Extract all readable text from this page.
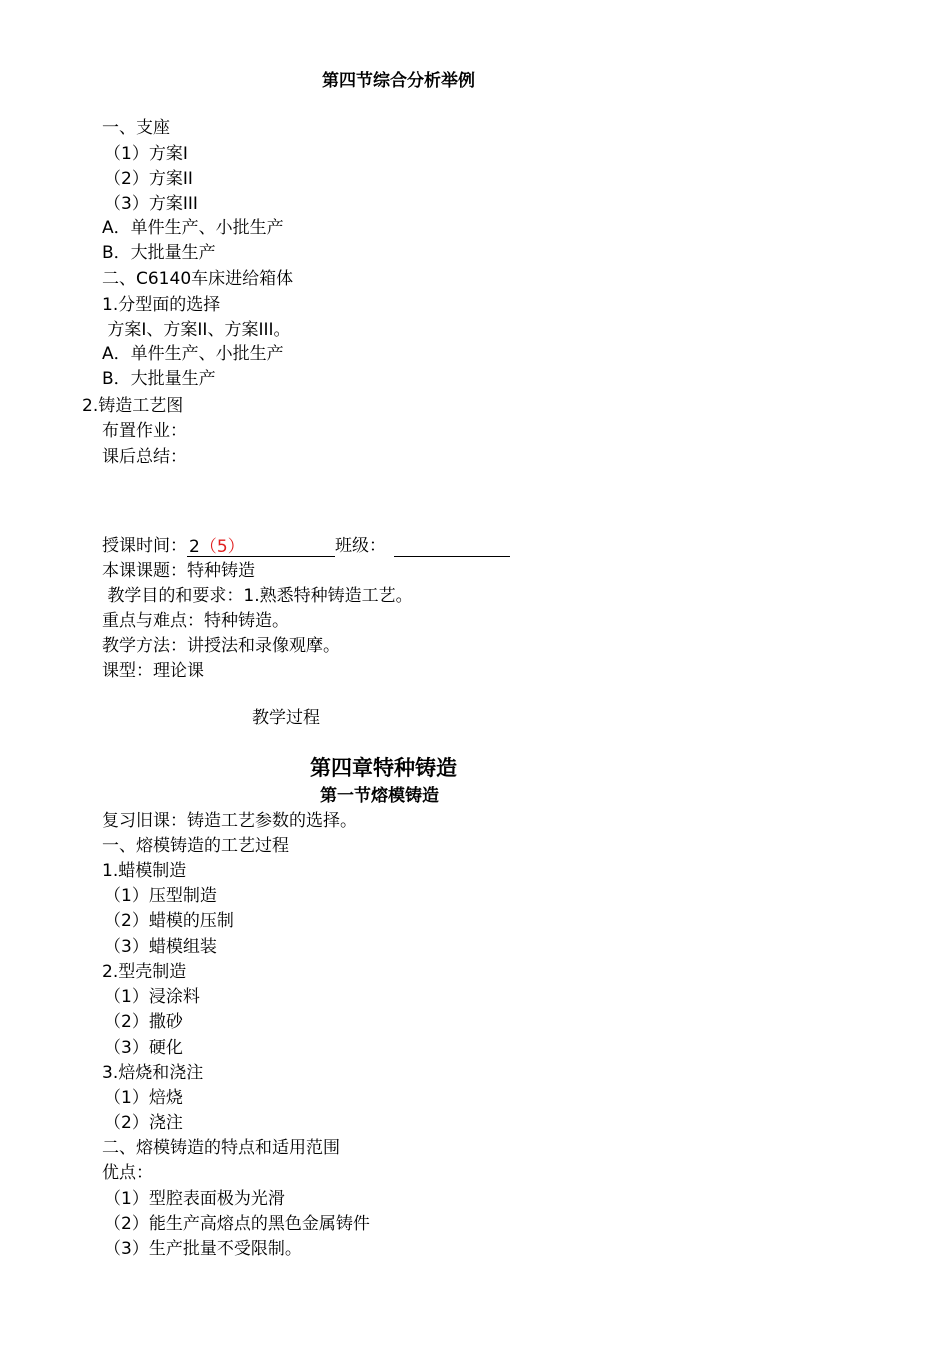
第四节综合分析举例
一、支座
（1）方案I
（2）方案II
（3）方案III
A．单件生产、小批生产
B．大批量生产
二、C6140车床进给箱体
1.分型面的选择
方案I、方案II、方案III。
A．单件生产、小批生产
B．大批量生产
2.铸造工艺图
布置作业：
课后总结：
授课时间： 2（5）	班级：
本课课题：特种铸造
教学目的和要求：1.熟悉特种铸造工艺。
重点与难点：特种铸造。
教学方法：讲授法和录像观摩。
课型：理论课
教学过程
第四章特种铸造
第一节熔模铸造
复习旧课：铸造工艺参数的选择。
一、熔模铸造的工艺过程
1.蜡模制造
（1）压型制造
（2）蜡模的压制
（3）蜡模组装
2.型壳制造
（1）浸涂料
（2）撒砂
（3）硬化
3.焙烧和浇注
（1）焙烧
（2）浇注
二、熔模铸造的特点和适用范围
优点：
（1）型腔表面极为光滑
（2）能生产高熔点的黑色金属铸件
（3）生产批量不受限制。
